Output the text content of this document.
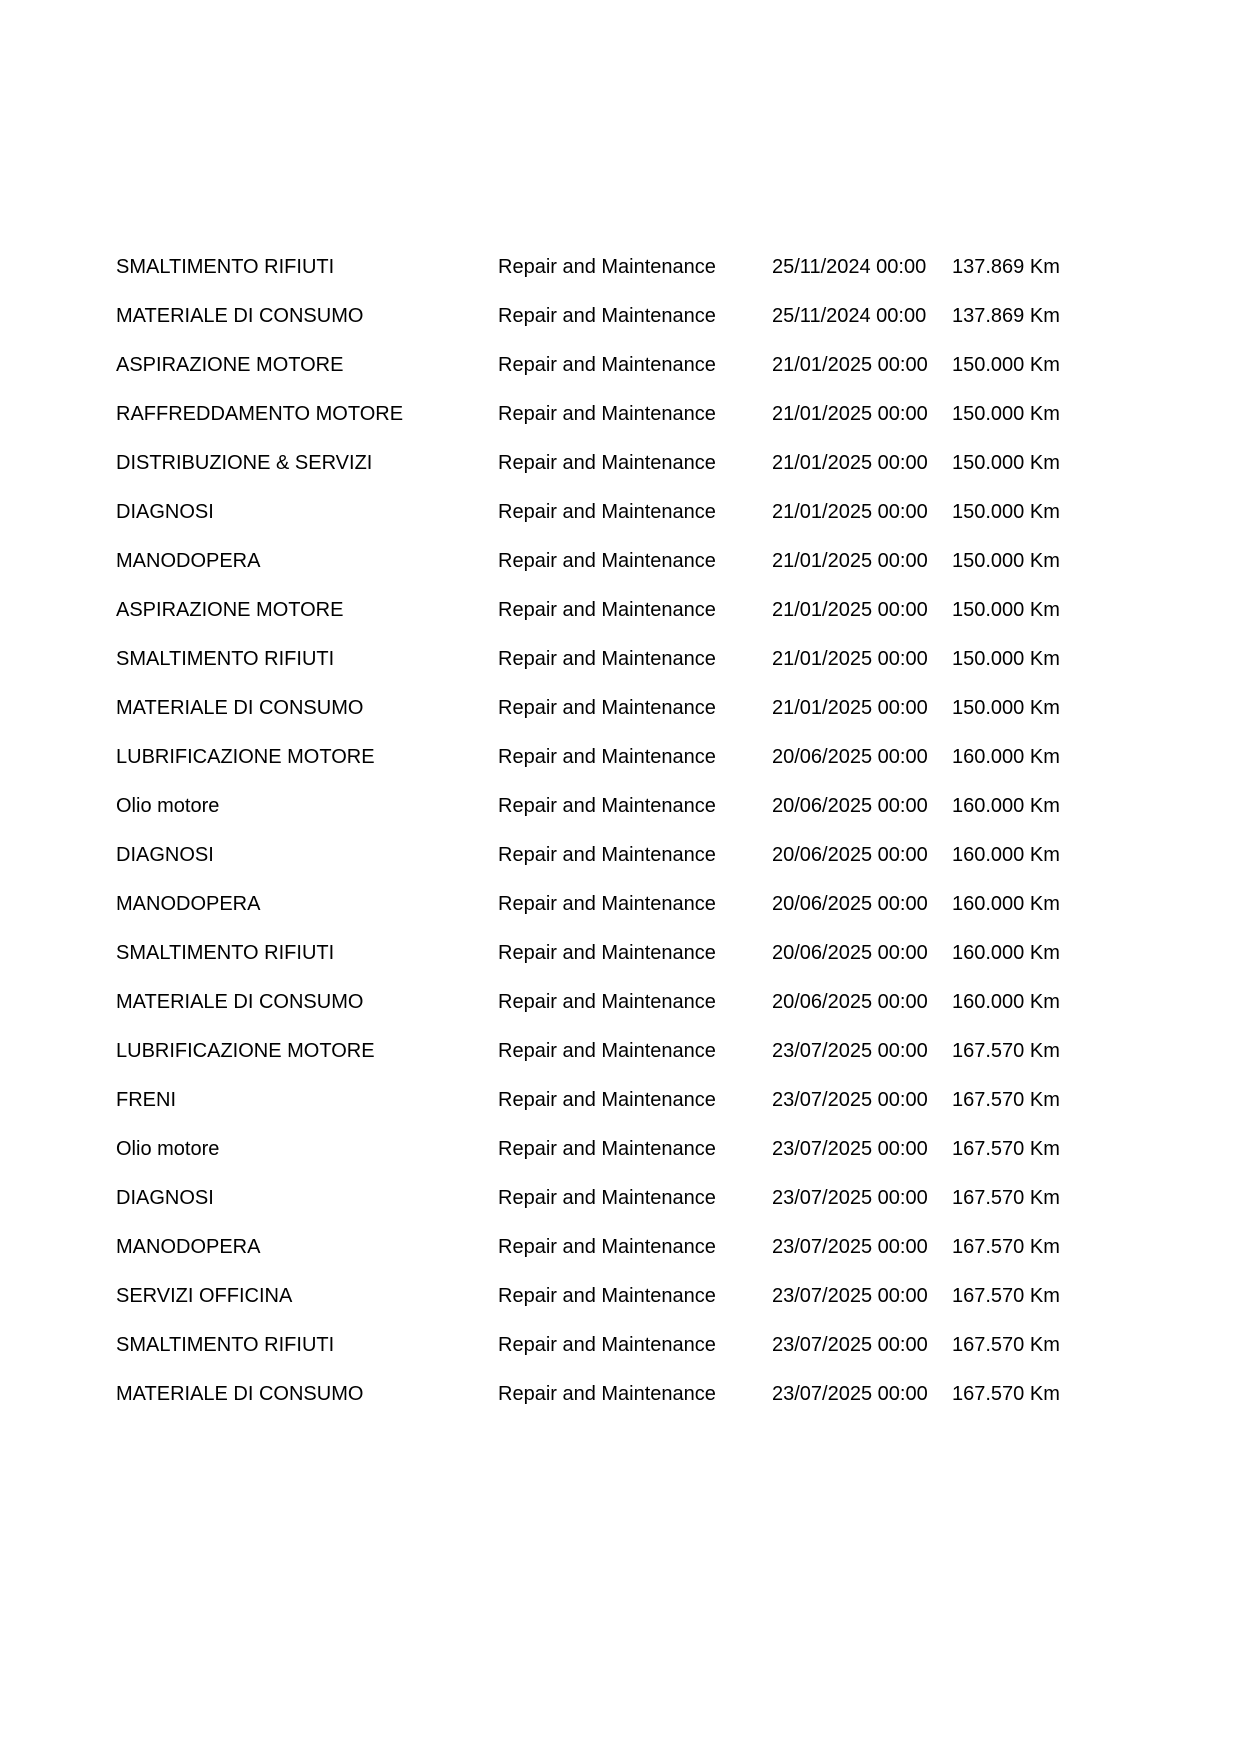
SMALTIMENTO RIFIUTI	Repair and Maintenance	25/11/2024 00:00 137.869 Km
MATERIALE DI CONSUMO	Repair and Maintenance	25/11/2024 00:00 137.869 Km
ASPIRAZIONE MOTORE	Repair and Maintenance	21/01/2025 00:00 150.000 Km
RAFFREDDAMENTO MOTORE	Repair and Maintenance	21/01/2025 00:00 150.000 Km
DISTRIBUZIONE & SERVIZI	Repair and Maintenance	21/01/2025 00:00 150.000 Km
DIAGNOSI	Repair and Maintenance	21/01/2025 00:00 150.000 Km
MANODOPERA	Repair and Maintenance	21/01/2025 00:00 150.000 Km
ASPIRAZIONE MOTORE	Repair and Maintenance	21/01/2025 00:00 150.000 Km
SMALTIMENTO RIFIUTI	Repair and Maintenance	21/01/2025 00:00 150.000 Km
MATERIALE DI CONSUMO	Repair and Maintenance	21/01/2025 00:00 150.000 Km
LUBRIFICAZIONE MOTORE	Repair and Maintenance	20/06/2025 00:00 160.000 Km
Olio motore	Repair and Maintenance	20/06/2025 00:00 160.000 Km
DIAGNOSI	Repair and Maintenance	20/06/2025 00:00 160.000 Km
MANODOPERA	Repair and Maintenance	20/06/2025 00:00 160.000 Km
SMALTIMENTO RIFIUTI	Repair and Maintenance	20/06/2025 00:00 160.000 Km
MATERIALE DI CONSUMO	Repair and Maintenance	20/06/2025 00:00 160.000 Km
LUBRIFICAZIONE MOTORE	Repair and Maintenance	23/07/2025 00:00 167.570 Km
FRENI	Repair and Maintenance	23/07/2025 00:00 167.570 Km
Olio motore	Repair and Maintenance	23/07/2025 00:00 167.570 Km
DIAGNOSI	Repair and Maintenance	23/07/2025 00:00 167.570 Km
MANODOPERA	Repair and Maintenance	23/07/2025 00:00 167.570 Km
SERVIZI OFFICINA	Repair and Maintenance	23/07/2025 00:00 167.570 Km
SMALTIMENTO RIFIUTI	Repair and Maintenance	23/07/2025 00:00 167.570 Km
MATERIALE DI CONSUMO	Repair and Maintenance	23/07/2025 00:00 167.570 Km
